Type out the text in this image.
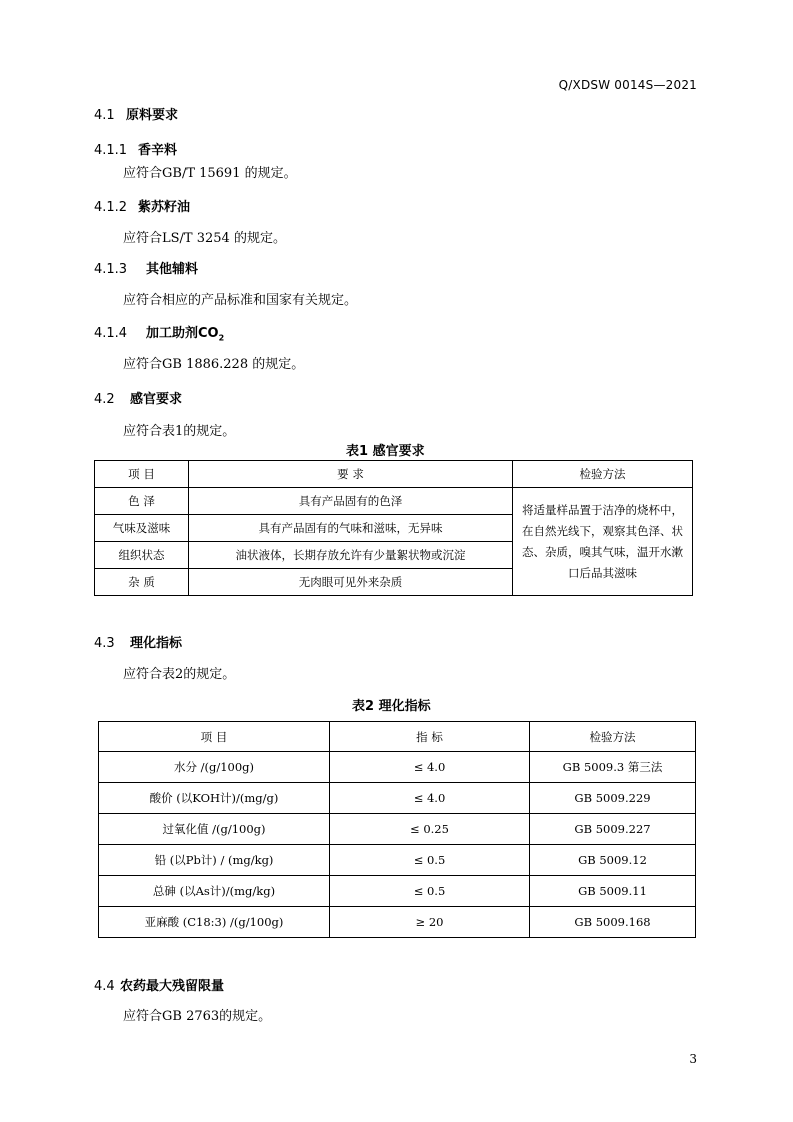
Q/XDSW 0014S—2021
4.1 原料要求
4.1.1 香辛料
应符合GB/T 15691 的规定。
4.1.2 紫苏籽油
应符合LS/T 3254 的规定。
4.1.3 其他辅料
应符合相应的产品标准和国家有关规定。
4.1.4 加工助剂$CO_2$
应符合GB 1886.228 的规定。
4.2 感官要求
应符合表1的规定。
表1 感官要求
项 目	要 求	检验方法
色 泽	具有产品固有的色泽	将适量样品置于洁净的烧杯中，
在自然光线下，观察其色泽、状
态、杂质，嗅其气味，温开水漱
口后品其滋味

气味及滋味	具有产品固有的气味和滋味，无异味	
组织状态	油状液体，长期存放允许有少量絮状物或沉淀	
杂 质	无肉眼可见外来杂质	
4.3 理化指标
应符合表2的规定。
表2 理化指标
项 目	指 标	检验方法
水分 /(g/100g)	≤ 4.0	GB 5009.3 第三法
酸价 (以KOH计)/(mg/g)	≤ 4.0	GB 5009.229
过氧化值 /(g/100g)	≤ 0.25	GB 5009.227
铅 (以Pb计) / (mg/kg)	≤ 0.5	GB 5009.12
总砷 (以As计)/(mg/kg)	≤ 0.5	GB 5009.11
亚麻酸 (C18:3) /(g/100g)	≥ 20	GB 5009.168
4.4 农药最大残留限量
应符合GB 2763的规定。
3
